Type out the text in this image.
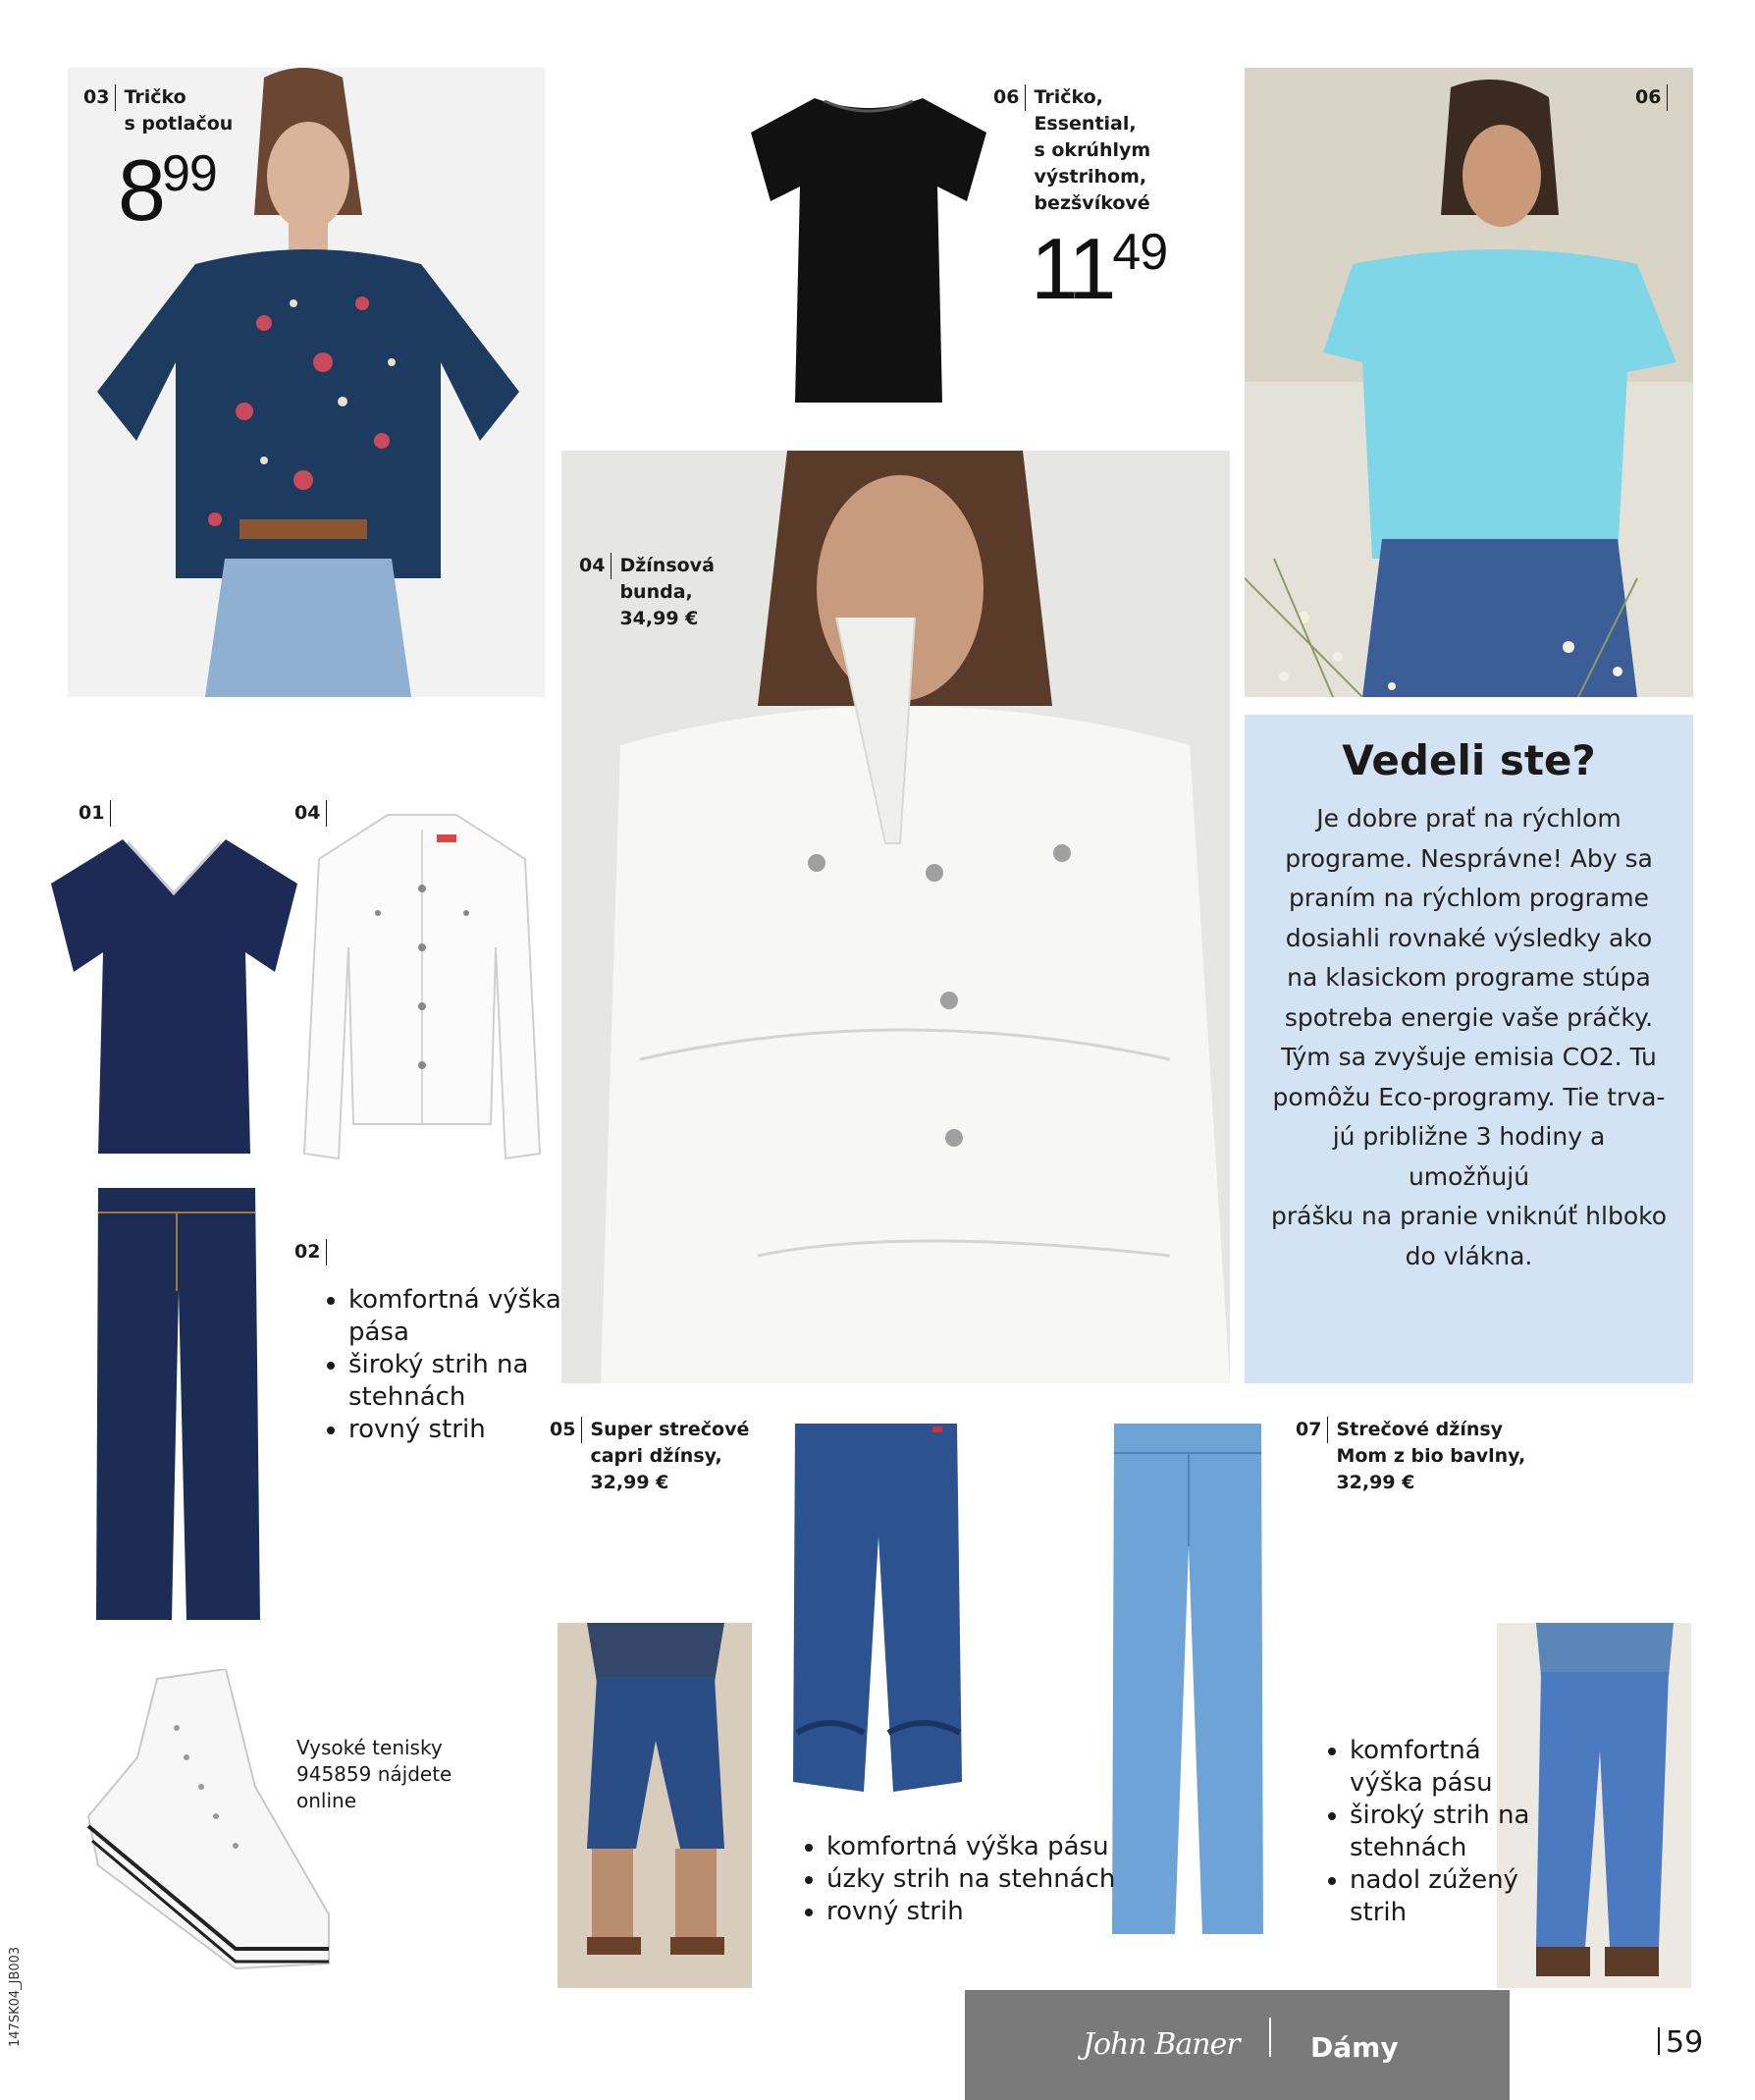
03 Tričko
s potlačou
899
06 Tričko,
Essential,
s okrúhlym
výstrihom,
bezšvíkové
1149
06
04 Džínsová
bunda,
34,99 €
01	04
02
• komfortná výška pása
• široký strih na stehnách
• rovný strih	05 Super strečové
capri džínsy,
32,99 €
• komfortná výška pásu
• úzky strih na stehnách
• rovný strih
07 Strečové džínsy
Mom z bio bavlny,
32,99 €
• komfortná výška pásu
• široký strih na stehnách
• nadol zúžený strih
Vysoké tenisky
945859 nájdete
online
Vedeli ste?
Je dobre prať na rýchlom
programe. Nesprávne! Aby sa
praním na rýchlom programe
dosiahli rovnaké výsledky ako
na klasickom programe stúpa
spotreba energie vaše práčky.
Tým sa zvyšuje emisia CO2. Tu
pomôžu Eco-programy. Tie trva-
jú približne 3 hodiny a umožňujú
prášku na pranie vniknúť hlboko
do vlákna.
John Baner	Dámy	59
147SK04_JB003
